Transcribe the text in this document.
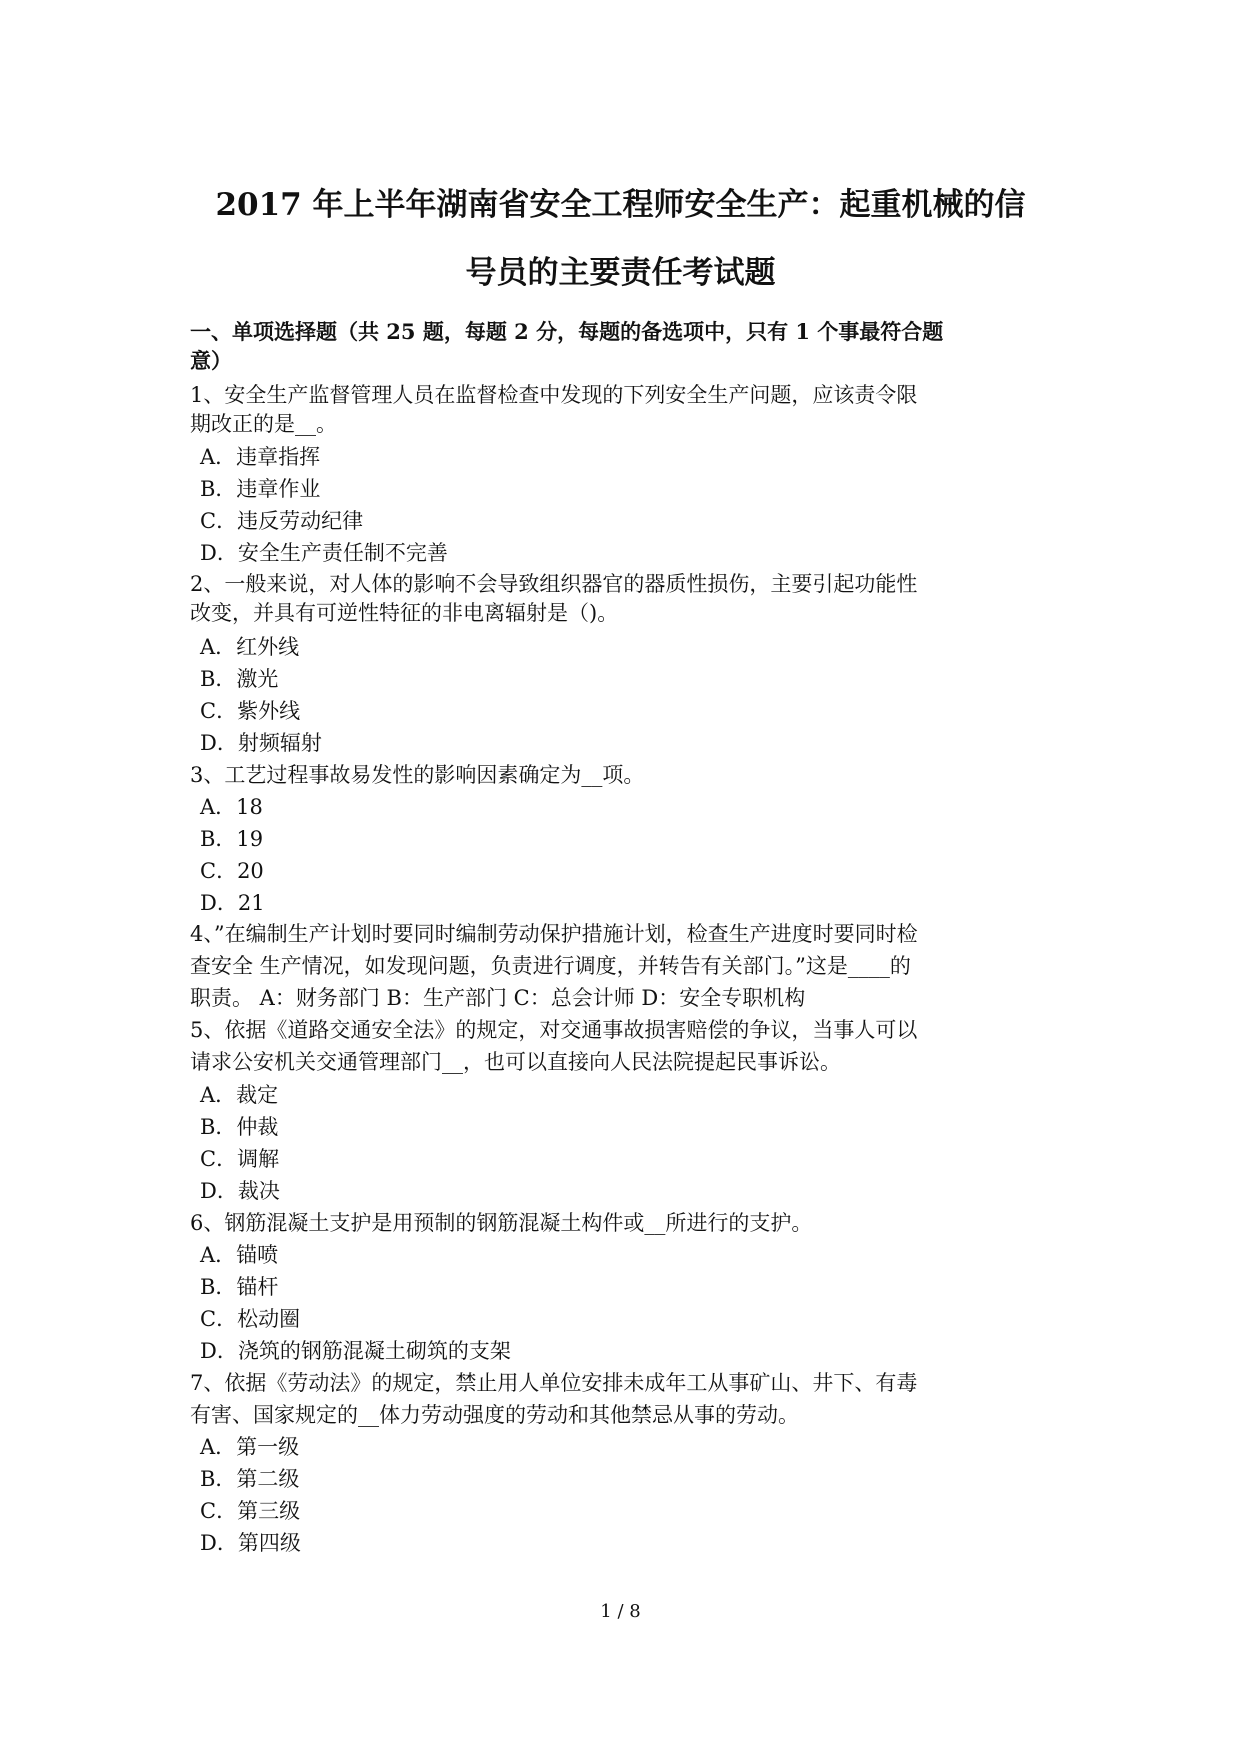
2017 年上半年湖南省安全工程师安全生产：起重机械的信
号员的主要责任考试题
一、单项选择题（共 25 题，每题 2 分，每题的备选项中，只有 1 个事最符合题
意）
1、安全生产监督管理人员在监督检查中发现的下列安全生产问题，应该责令限
期改正的是__。
A．违章指挥
B．违章作业
C．违反劳动纪律
D．安全生产责任制不完善
2、一般来说，对人体的影响不会导致组织器官的器质性损伤，主要引起功能性
改变，并具有可逆性特征的非电离辐射是（)。
A．红外线
B．激光
C．紫外线
D．射频辐射
3、工艺过程事故易发性的影响因素确定为__项。
A．18
B．19
C．20
D．21
4、”在编制生产计划时要同时编制劳动保护措施计划，检查生产进度时要同时检
查安全 生产情况，如发现问题，负责进行调度，并转告有关部门。”这是____的
职责。 A：财务部门 B：生产部门 C：总会计师 D：安全专职机构
5、依据《道路交通安全法》的规定，对交通事故损害赔偿的争议，当事人可以
请求公安机关交通管理部门__，也可以直接向人民法院提起民事诉讼。
A．裁定
B．仲裁
C．调解
D．裁决
6、钢筋混凝土支护是用预制的钢筋混凝土构件或__所进行的支护。
A．锚喷
B．锚杆
C．松动圈
D．浇筑的钢筋混凝土砌筑的支架
7、依据《劳动法》的规定，禁止用人单位安排未成年工从事矿山、井下、有毒
有害、国家规定的__体力劳动强度的劳动和其他禁忌从事的劳动。
A．第一级
B．第二级
C．第三级
D．第四级
1 / 8
